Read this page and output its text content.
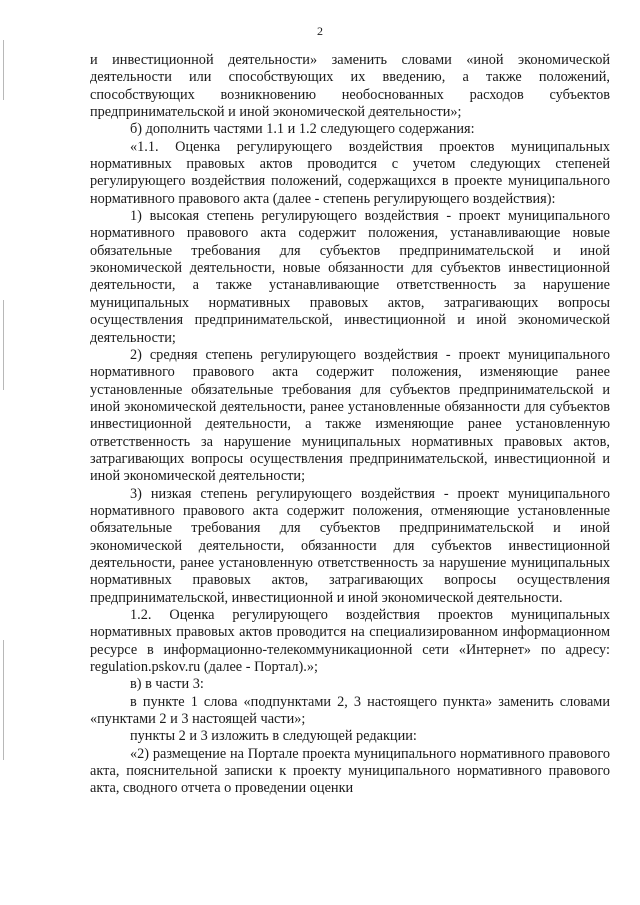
2

и инвестиционной деятельности» заменить словами «иной экономической деятельности или способствующих их введению, а также положений, способствующих возникновению необоснованных расходов субъектов предпринимательской и иной экономической деятельности»;

б) дополнить частями 1.1 и 1.2 следующего содержания:

«1.1. Оценка регулирующего воздействия проектов муниципальных нормативных правовых актов проводится с учетом следующих степеней регулирующего воздействия положений, содержащихся в проекте муниципального нормативного правового акта (далее - степень регулирующего воздействия):

1) высокая степень регулирующего воздействия - проект муниципального нормативного правового акта содержит положения, устанавливающие новые обязательные требования для субъектов предпринимательской и иной экономической деятельности, новые обязанности для субъектов инвестиционной деятельности, а также устанавливающие ответственность за нарушение муниципальных нормативных правовых актов, затрагивающих вопросы осуществления предпринимательской, инвестиционной и иной экономической деятельности;

2) средняя степень регулирующего воздействия - проект муниципального нормативного правового акта содержит положения, изменяющие ранее установленные обязательные требования для субъектов предпринимательской и иной экономической деятельности, ранее установленные обязанности для субъектов инвестиционной деятельности, а также изменяющие ранее установленную ответственность за нарушение муниципальных нормативных правовых актов, затрагивающих вопросы осуществления предпринимательской, инвестиционной и иной экономической деятельности;

3) низкая степень регулирующего воздействия - проект муниципального нормативного правового акта содержит положения, отменяющие установленные обязательные требования для субъектов предпринимательской и иной экономической деятельности, обязанности для субъектов инвестиционной деятельности, ранее установленную ответственность за нарушение муниципальных нормативных правовых актов, затрагивающих вопросы осуществления предпринимательской, инвестиционной и иной экономической деятельности.

1.2. Оценка регулирующего воздействия проектов муниципальных нормативных правовых актов проводится на специализированном информационном ресурсе в информационно-телекоммуникационной сети «Интернет» по адресу: regulation.pskov.ru (далее - Портал).»;

в) в части 3:

в пункте 1 слова «подпунктами 2, 3 настоящего пункта» заменить словами «пунктами 2 и 3 настоящей части»;

пункты 2 и 3 изложить в следующей редакции:

«2) размещение на Портале проекта муниципального нормативного правового акта, пояснительной записки к проекту муниципального нормативного правового акта, сводного отчета о проведении оценки
